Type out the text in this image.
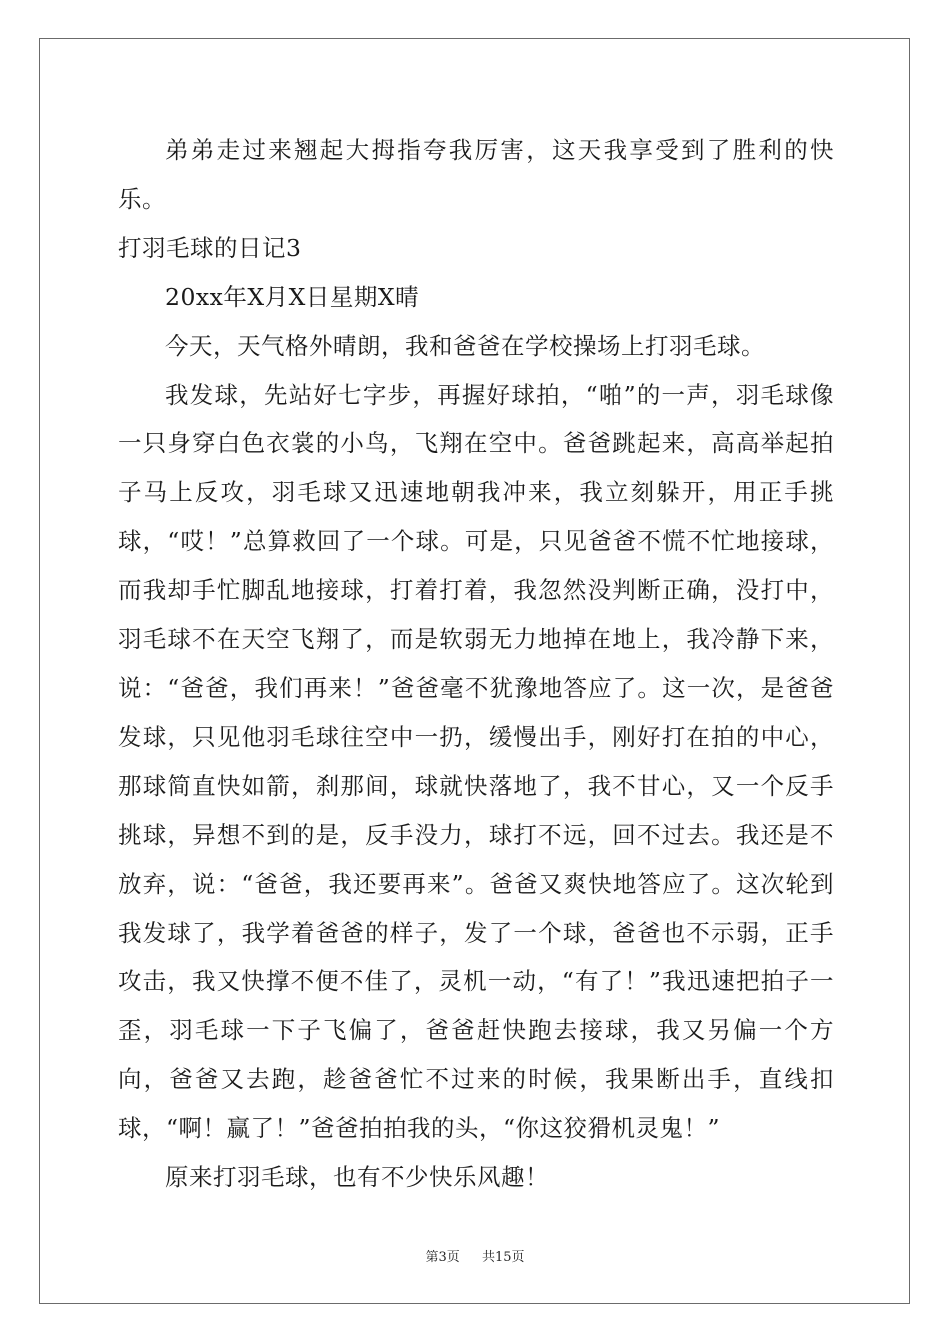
弟弟走过来翘起大拇指夸我厉害，这天我享受到了胜利的快乐。

打羽毛球的日记3

20xx年X月X日星期X晴

今天，天气格外晴朗，我和爸爸在学校操场上打羽毛球。

我发球，先站好七字步，再握好球拍，“啪”的一声，羽毛球像一只身穿白色衣裳的小鸟，飞翔在空中。爸爸跳起来，高高举起拍子马上反攻，羽毛球又迅速地朝我冲来，我立刻躲开，用正手挑球，“哎！”总算救回了一个球。可是，只见爸爸不慌不忙地接球，而我却手忙脚乱地接球，打着打着，我忽然没判断正确，没打中，羽毛球不在天空飞翔了，而是软弱无力地掉在地上，我冷静下来，说：“爸爸，我们再来！”爸爸毫不犹豫地答应了。这一次，是爸爸发球，只见他羽毛球往空中一扔，缓慢出手，刚好打在拍的中心，那球简直快如箭，刹那间，球就快落地了，我不甘心，又一个反手挑球，异想不到的是，反手没力，球打不远，回不过去。我还是不放弃，说：“爸爸，我还要再来”。爸爸又爽快地答应了。这次轮到我发球了，我学着爸爸的样子，发了一个球，爸爸也不示弱，正手攻击，我又快撑不便不佳了，灵机一动，“有了！”我迅速把拍子一歪，羽毛球一下子飞偏了，爸爸赶快跑去接球，我又另偏一个方向，爸爸又去跑，趁爸爸忙不过来的时候，我果断出手，直线扣球，“啊！赢了！”爸爸拍拍我的头，“你这狡猾机灵鬼！”

原来打羽毛球，也有不少快乐风趣！

第3页 共15页
